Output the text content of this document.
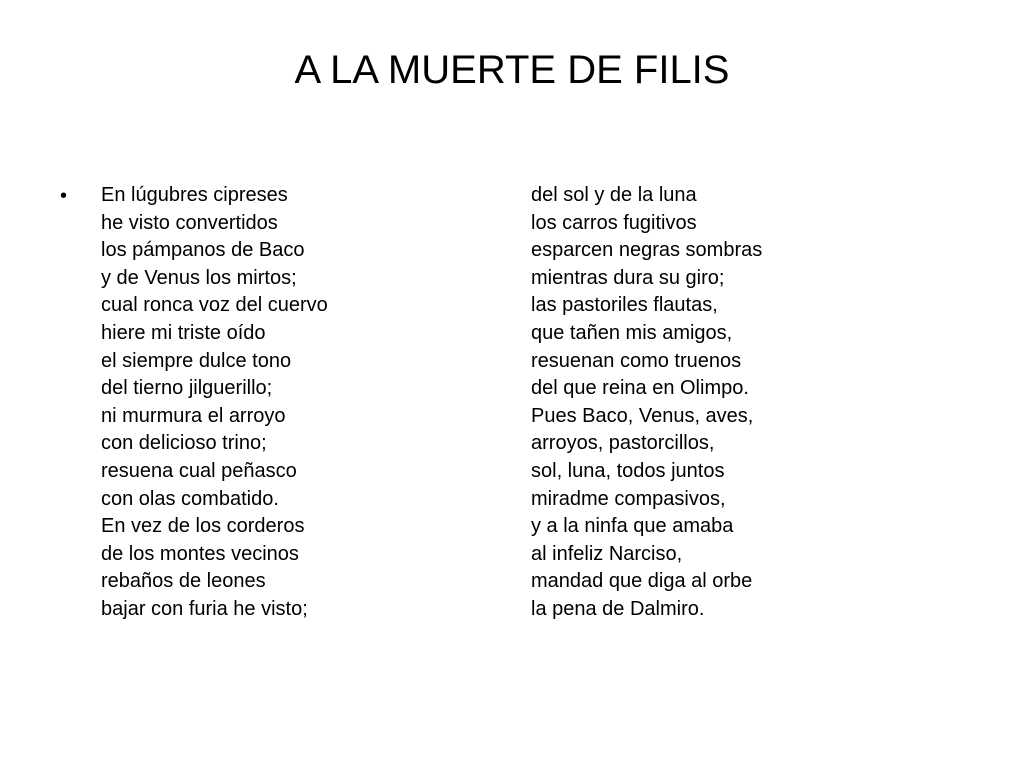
A LA MUERTE DE FILIS
• En lúgubres cipreses
he visto convertidos
los pámpanos de Baco
y de Venus los mirtos;
cual ronca voz del cuervo
hiere mi triste oído
el siempre dulce tono
del tierno jilguerillo;
ni murmura el arroyo
con delicioso trino;
resuena cual peñasco
con olas combatido.
En vez de los corderos
de los montes vecinos
rebaños de leones
bajar con furia he visto;
del sol y de la luna
los carros fugitivos
esparcen negras sombras
mientras dura su giro;
las pastoriles flautas,
que tañen mis amigos,
resuenan como truenos
del que reina en Olimpo.
Pues Baco, Venus, aves,
arroyos, pastorcillos,
sol, luna, todos juntos
miradme compasivos,
y a la ninfa que amaba
al infeliz Narciso,
mandad que diga al orbe
la pena de Dalmiro.
